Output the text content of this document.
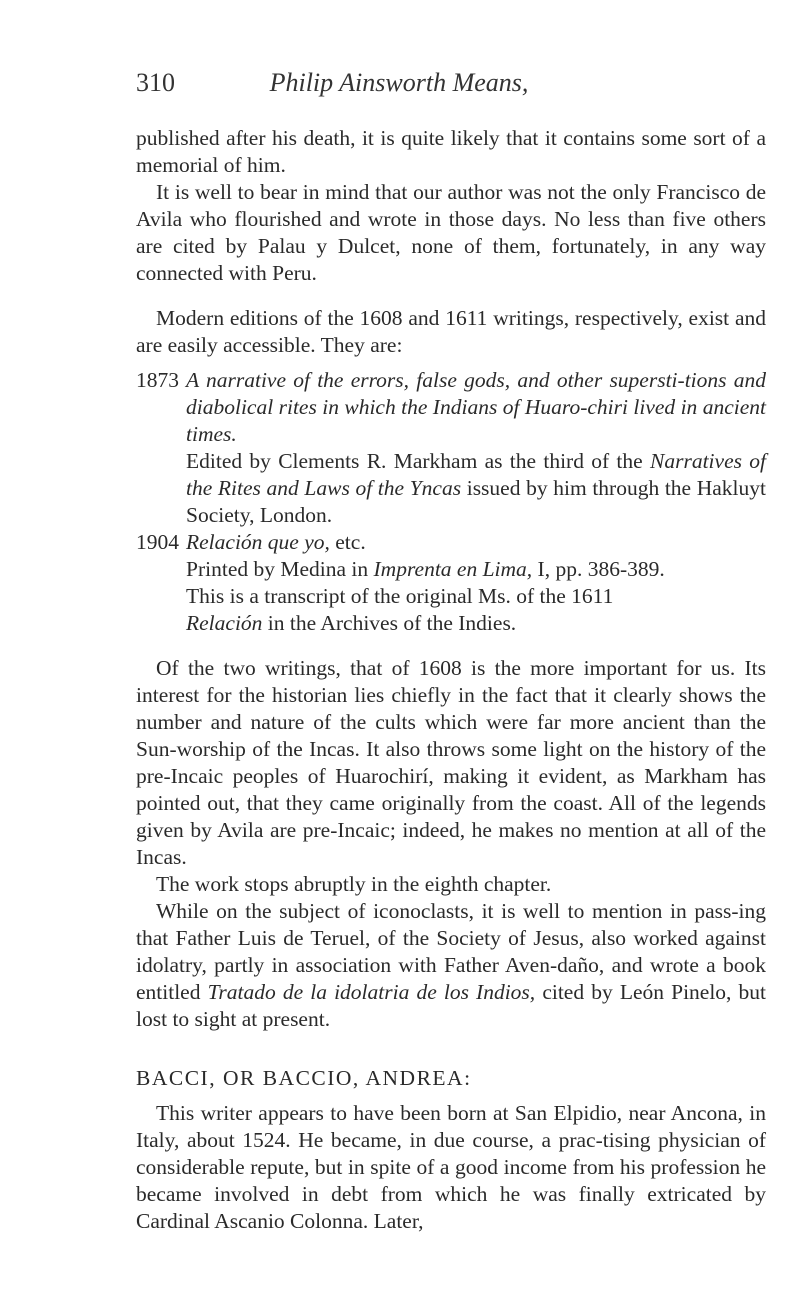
310	Philip Ainsworth Means,

published after his death, it is quite likely that it contains some sort of a memorial of him.

It is well to bear in mind that our author was not the only Francisco de Avila who flourished and wrote in those days. No less than five others are cited by Palau y Dulcet, none of them, fortunately, in any way connected with Peru.

Modern editions of the 1608 and 1611 writings, respectively, exist and are easily accessible. They are:

1873 A narrative of the errors, false gods, and other supersti-tions and diabolical rites in which the Indians of Huaro-chiri lived in ancient times.

Edited by Clements R. Markham as the third of the Narratives of the Rites and Laws of the Yncas issued by him through the Hakluyt Society, London.

1904 Relación que yo, etc.

Printed by Medina in Imprenta en Lima, I, pp. 386-389.

This is a transcript of the original Ms. of the 1611

Relación in the Archives of the Indies.

Of the two writings, that of 1608 is the more important for us. Its interest for the historian lies chiefly in the fact that it clearly shows the number and nature of the cults which were far more ancient than the Sun-worship of the Incas. It also throws some light on the history of the pre-Incaic peoples of Huarochirí, making it evident, as Markham has pointed out, that they came originally from the coast. All of the legends given by Avila are pre-Incaic; indeed, he makes no mention at all of the Incas.

The work stops abruptly in the eighth chapter.

While on the subject of iconoclasts, it is well to mention in pass-ing that Father Luis de Teruel, of the Society of Jesus, also worked against idolatry, partly in association with Father Aven-daño, and wrote a book entitled Tratado de la idolatria de los Indios, cited by León Pinelo, but lost to sight at present.

BACCI, OR BACCIO, ANDREA:

This writer appears to have been born at San Elpidio, near Ancona, in Italy, about 1524. He became, in due course, a prac-tising physician of considerable repute, but in spite of a good income from his profession he became involved in debt from which he was finally extricated by Cardinal Ascanio Colonna. Later,
